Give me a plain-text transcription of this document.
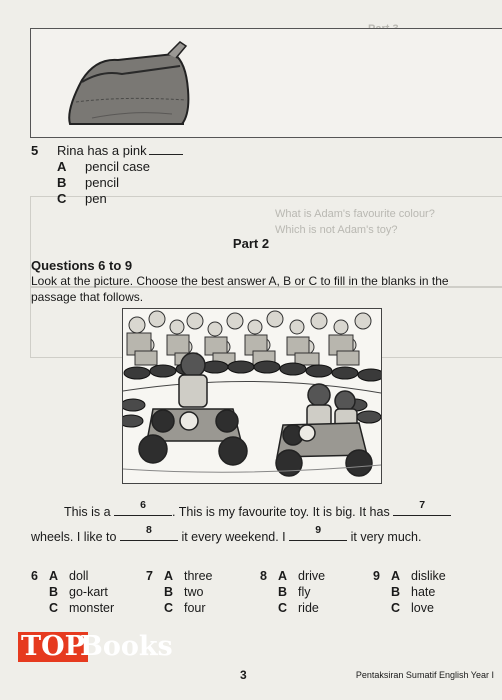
What is Adam's favourite colour?
Which is not Adam's toy?
5	Rina has a pink
A pencil case
B pencil
C pen
Part 2
Questions 6 to 9
Look at the picture. Choose the best answer A, B or C to fill in the blanks in the passage that follows.
This is a	6	. This is my favourite toy. It is big. It has	7
wheels. I like to	8	it every weekend. I	9	it very much.
6 A doll
B go-kart
C monster
7 A three
B two
C four
8 A drive
B fly
C ride
9 A dislike
B hate
C love
TOP
Books
3	Pentaksiran Sumatif English Year I
